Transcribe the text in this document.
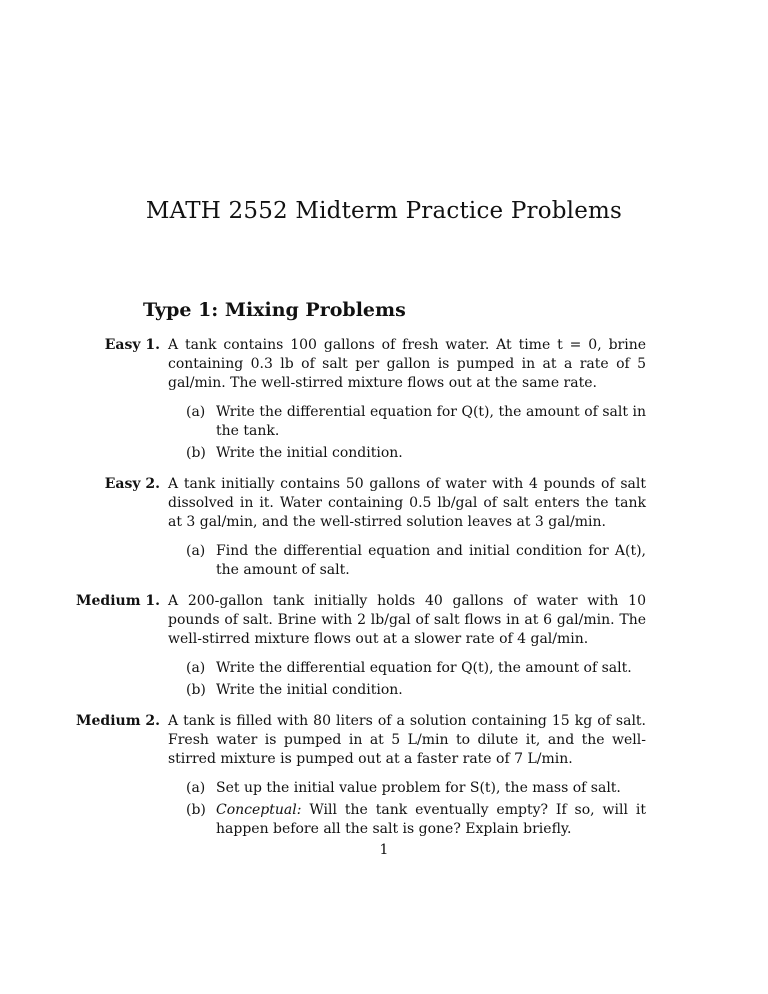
MATH 2552 Midterm Practice Problems
Type 1: Mixing Problems
Easy 1. A tank contains 100 gallons of fresh water. At time t = 0, brine containing 0.3 lb of salt per gallon is pumped in at a rate of 5 gal/min. The well-stirred mixture flows out at the same rate.
(a) Write the differential equation for Q(t), the amount of salt in the tank.
(b) Write the initial condition.
Easy 2. A tank initially contains 50 gallons of water with 4 pounds of salt dissolved in it. Water containing 0.5 lb/gal of salt enters the tank at 3 gal/min, and the well-stirred solution leaves at 3 gal/min.
(a) Find the differential equation and initial condition for A(t), the amount of salt.
Medium 1. A 200-gallon tank initially holds 40 gallons of water with 10 pounds of salt. Brine with 2 lb/gal of salt flows in at 6 gal/min. The well-stirred mixture flows out at a slower rate of 4 gal/min.
(a) Write the differential equation for Q(t), the amount of salt.
(b) Write the initial condition.
Medium 2. A tank is filled with 80 liters of a solution containing 15 kg of salt. Fresh water is pumped in at 5 L/min to dilute it, and the well-stirred mixture is pumped out at a faster rate of 7 L/min.
(a) Set up the initial value problem for S(t), the mass of salt.
(b) Conceptual: Will the tank eventually empty? If so, will it happen before all the salt is gone? Explain briefly.
1
